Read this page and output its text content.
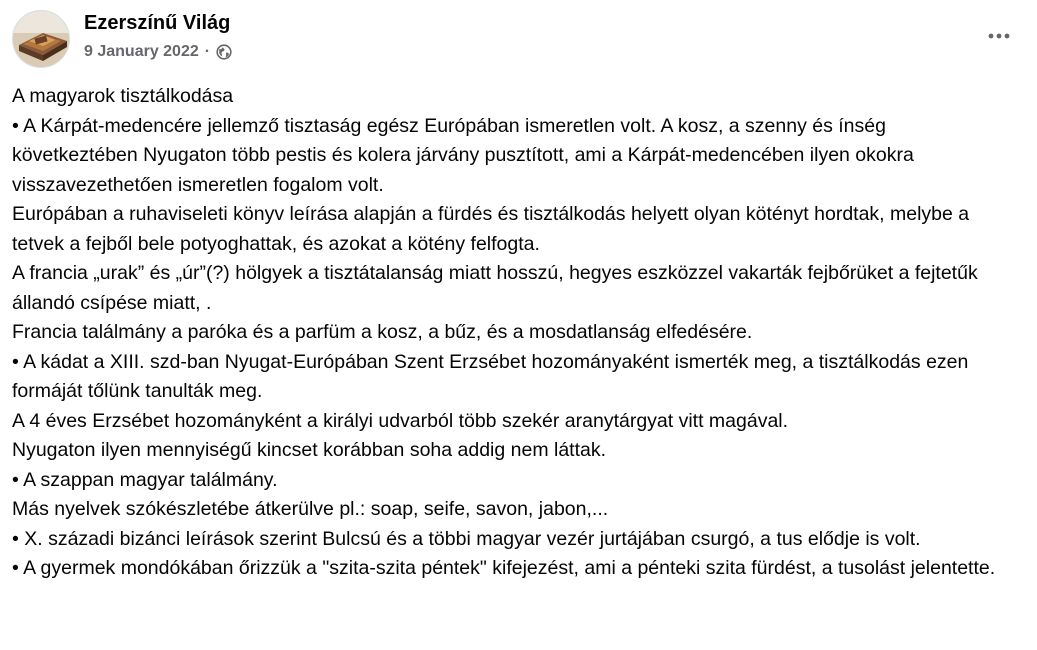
Ezerszínű Világ
9 January 2022 ·

A magyarok tisztálkodása

• A Kárpát-medencére jellemző tisztaság egész Európában ismeretlen volt. A kosz, a szenny és ínség következtében Nyugaton több pestis és kolera járvány pusztított, ami a Kárpát-medencében ilyen okokra visszavezethetően ismeretlen fogalom volt.

Európában a ruhaviseleti könyv leírása alapján a fürdés és tisztálkodás helyett olyan kötényt hordtak, melybe a tetvek a fejből bele potyoghattak, és azokat a kötény felfogta.

A francia „urak” és „úr”(?) hölgyek a tisztátalanság miatt hosszú, hegyes eszközzel vakarták fejbőrüket a fejtetűk állandó csípése miatt, .

Francia találmány a paróka és a parfüm a kosz, a bűz, és a mosdatlanság elfedésére.

• A kádat a XIII. szd-ban Nyugat-Európában Szent Erzsébet hozományaként ismerték meg, a tisztálkodás ezen formáját tőlünk tanulták meg.

A 4 éves Erzsébet hozományként a királyi udvarból több szekér aranytárgyat vitt magával.

Nyugaton ilyen mennyiségű kincset korábban soha addig nem láttak.

• A szappan magyar találmány.

Más nyelvek szókészletébe átkerülve pl.: soap, seife, savon, jabon,...

• X. századi bizánci leírások szerint Bulcsú és a többi magyar vezér jurtájában csurgó, a tus elődje is volt.

• A gyermek mondókában őrizzük a "szita-szita péntek" kifejezést, ami a pénteki szita fürdést, a tusolást jelentette.
